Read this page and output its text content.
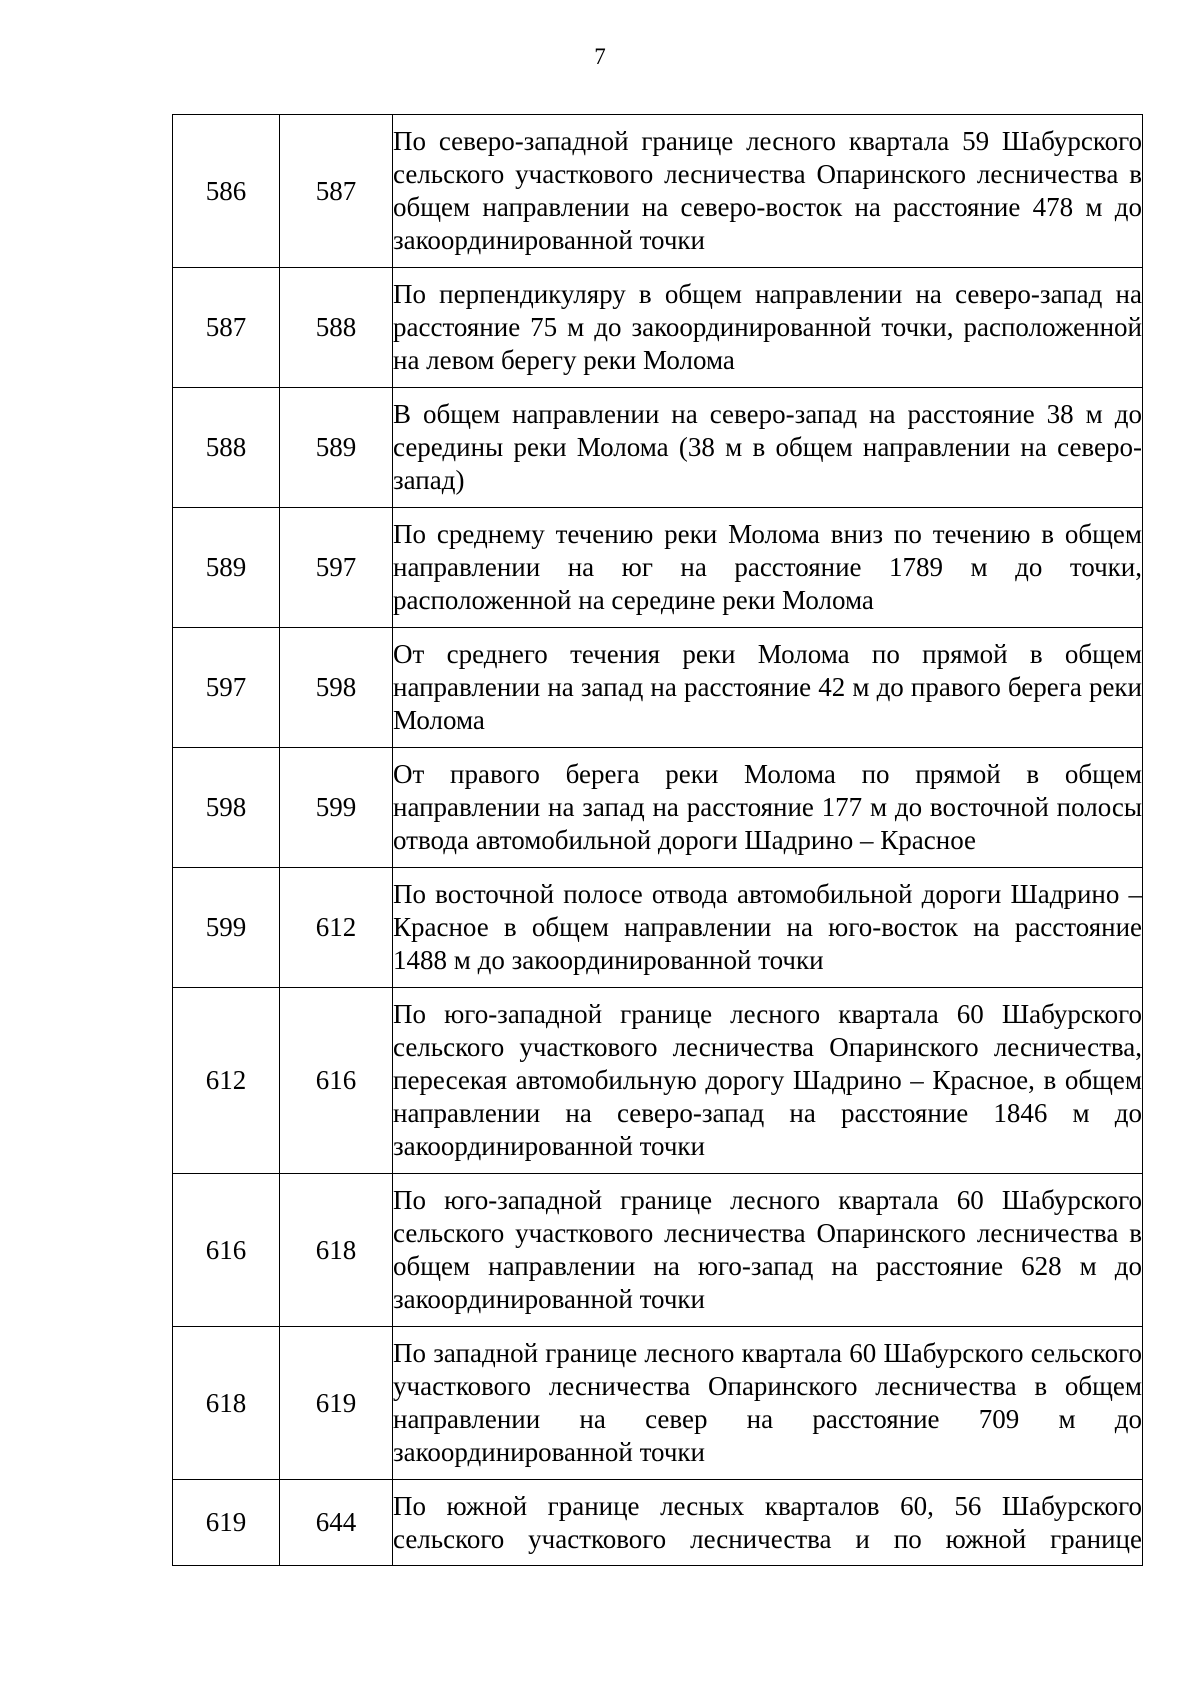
7
586	587	По северо-западной границе лесного квартала 59 Шабурского сельского участкового лесничества Опаринского лесничества в общем направлении на северо-восток на расстояние 478 м до закоординированной точки
587	588	По перпендикуляру в общем направлении на северо-запад на расстояние 75 м до закоординированной точки, расположенной на левом берегу реки Молома
588	589	В общем направлении на северо-запад на расстояние 38 м до середины реки Молома (38 м в общем направлении на северо-запад)
589	597	По среднему течению реки Молома вниз по течению в общем направлении на юг на расстояние 1789 м до точки, расположенной на середине реки Молома
597	598	От среднего течения реки Молома по прямой в общем направлении на запад на расстояние 42 м до правого берега реки Молома
598	599	От правого берега реки Молома по прямой в общем направлении на запад на расстояние 177 м до восточной полосы отвода автомобильной дороги Шадрино – Красное
599	612	По восточной полосе отвода автомобильной дороги Шадрино – Красное в общем направлении на юго-восток на расстояние 1488 м до закоординированной точки
612	616	По юго-западной границе лесного квартала 60 Шабурского сельского участкового лесничества Опаринского лесничества, пересекая автомобильную дорогу Шадрино – Красное, в общем направлении на северо-запад на расстояние 1846 м до закоординированной точки
616	618	По юго-западной границе лесного квартала 60 Шабурского сельского участкового лесничества Опаринского лесничества в общем направлении на юго-запад на расстояние 628 м до закоординированной точки
618	619	По западной границе лесного квартала 60 Шабурского сельского участкового лесничества Опаринского лесничества в общем направлении на север на расстояние 709 м до закоординированной точки
619	644	По южной границе лесных кварталов 60, 56 Шабурского сельского участкового лесничества и по южной границе
